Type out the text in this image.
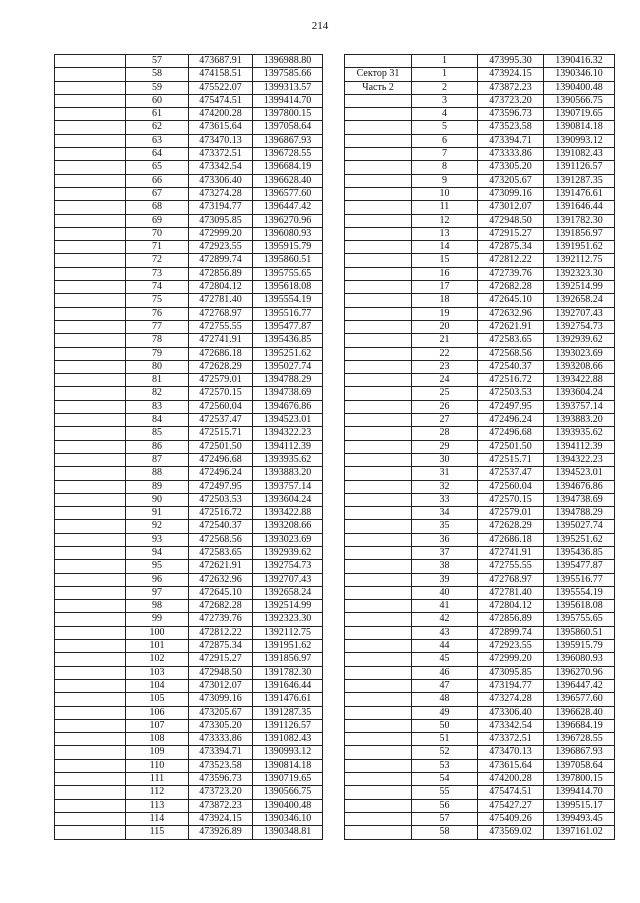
214
	57	473687.91	1396988.80
	58	474158.51	1397585.66
	59	475522.07	1399313.57
	60	475474.51	1399414.70
	61	474200.28	1397800.15
	62	473615.64	1397058.64
	63	473470.13	1396867.93
	64	473372.51	1396728.55
	65	473342.54	1396684.19
	66	473306.40	1396628.40
	67	473274.28	1396577.60
	68	473194.77	1396447.42
	69	473095.85	1396270.96
	70	472999.20	1396080.93
	71	472923.55	1395915.79
	72	472899.74	1395860.51
	73	472856.89	1395755.65
	74	472804.12	1395618.08
	75	472781.40	1395554.19
	76	472768.97	1395516.77
	77	472755.55	1395477.87
	78	472741.91	1395436.85
	79	472686.18	1395251.62
	80	472628.29	1395027.74
	81	472579.01	1394788.29
	82	472570.15	1394738.69
	83	472560.04	1394676.86
	84	472537.47	1394523.01
	85	472515.71	1394322.23
	86	472501.50	1394112.39
	87	472496.68	1393935.62
	88	472496.24	1393883.20
	89	472497.95	1393757.14
	90	472503.53	1393604.24
	91	472516.72	1393422.88
	92	472540.37	1393208.66
	93	472568.56	1393023.69
	94	472583.65	1392939.62
	95	472621.91	1392754.73
	96	472632.96	1392707.43
	97	472645.10	1392658.24
	98	472682.28	1392514.99
	99	472739.76	1392323.30
	100	472812.22	1392112.75
	101	472875.34	1391951.62
	102	472915.27	1391856.97
	103	472948.50	1391782.30
	104	473012.07	1391646.44
	105	473099.16	1391476.61
	106	473205.67	1391287.35
	107	473305.20	1391126.57
	108	473333.86	1391082.43
	109	473394.71	1390993.12
	110	473523.58	1390814.18
	111	473596.73	1390719.65
	112	473723.20	1390566.75
	113	473872.23	1390400.48
	114	473924.15	1390346.10
	115	473926.89	1390348.81
	1	473995.30	1390416.32
Сектор 31	1	473924.15	1390346.10
Часть 2	2	473872.23	1390400.48
	3	473723.20	1390566.75
	4	473596.73	1390719.65
	5	473523.58	1390814.18
	6	473394.71	1390993.12
	7	473333.86	1391082.43
	8	473305.20	1391126.57
	9	473205.67	1391287.35
	10	473099.16	1391476.61
	11	473012.07	1391646.44
	12	472948.50	1391782.30
	13	472915.27	1391856.97
	14	472875.34	1391951.62
	15	472812.22	1392112.75
	16	472739.76	1392323.30
	17	472682.28	1392514.99
	18	472645.10	1392658.24
	19	472632.96	1392707.43
	20	472621.91	1392754.73
	21	472583.65	1392939.62
	22	472568.56	1393023.69
	23	472540.37	1393208.66
	24	472516.72	1393422.88
	25	472503.53	1393604.24
	26	472497.95	1393757.14
	27	472496.24	1393883.20
	28	472496.68	1393935.62
	29	472501.50	1394112.39
	30	472515.71	1394322.23
	31	472537.47	1394523.01
	32	472560.04	1394676.86
	33	472570.15	1394738.69
	34	472579.01	1394788.29
	35	472628.29	1395027.74
	36	472686.18	1395251.62
	37	472741.91	1395436.85
	38	472755.55	1395477.87
	39	472768.97	1395516.77
	40	472781.40	1395554.19
	41	472804.12	1395618.08
	42	472856.89	1395755.65
	43	472899.74	1395860.51
	44	472923.55	1395915.79
	45	472999.20	1396080.93
	46	473095.85	1396270.96
	47	473194.77	1396447.42
	48	473274.28	1396577.60
	49	473306.40	1396628.40
	50	473342.54	1396684.19
	51	473372.51	1396728.55
	52	473470.13	1396867.93
	53	473615.64	1397058.64
	54	474200.28	1397800.15
	55	475474.51	1399414.70
	56	475427.27	1399515.17
	57	475409.26	1399493.45
	58	473569.02	1397161.02
